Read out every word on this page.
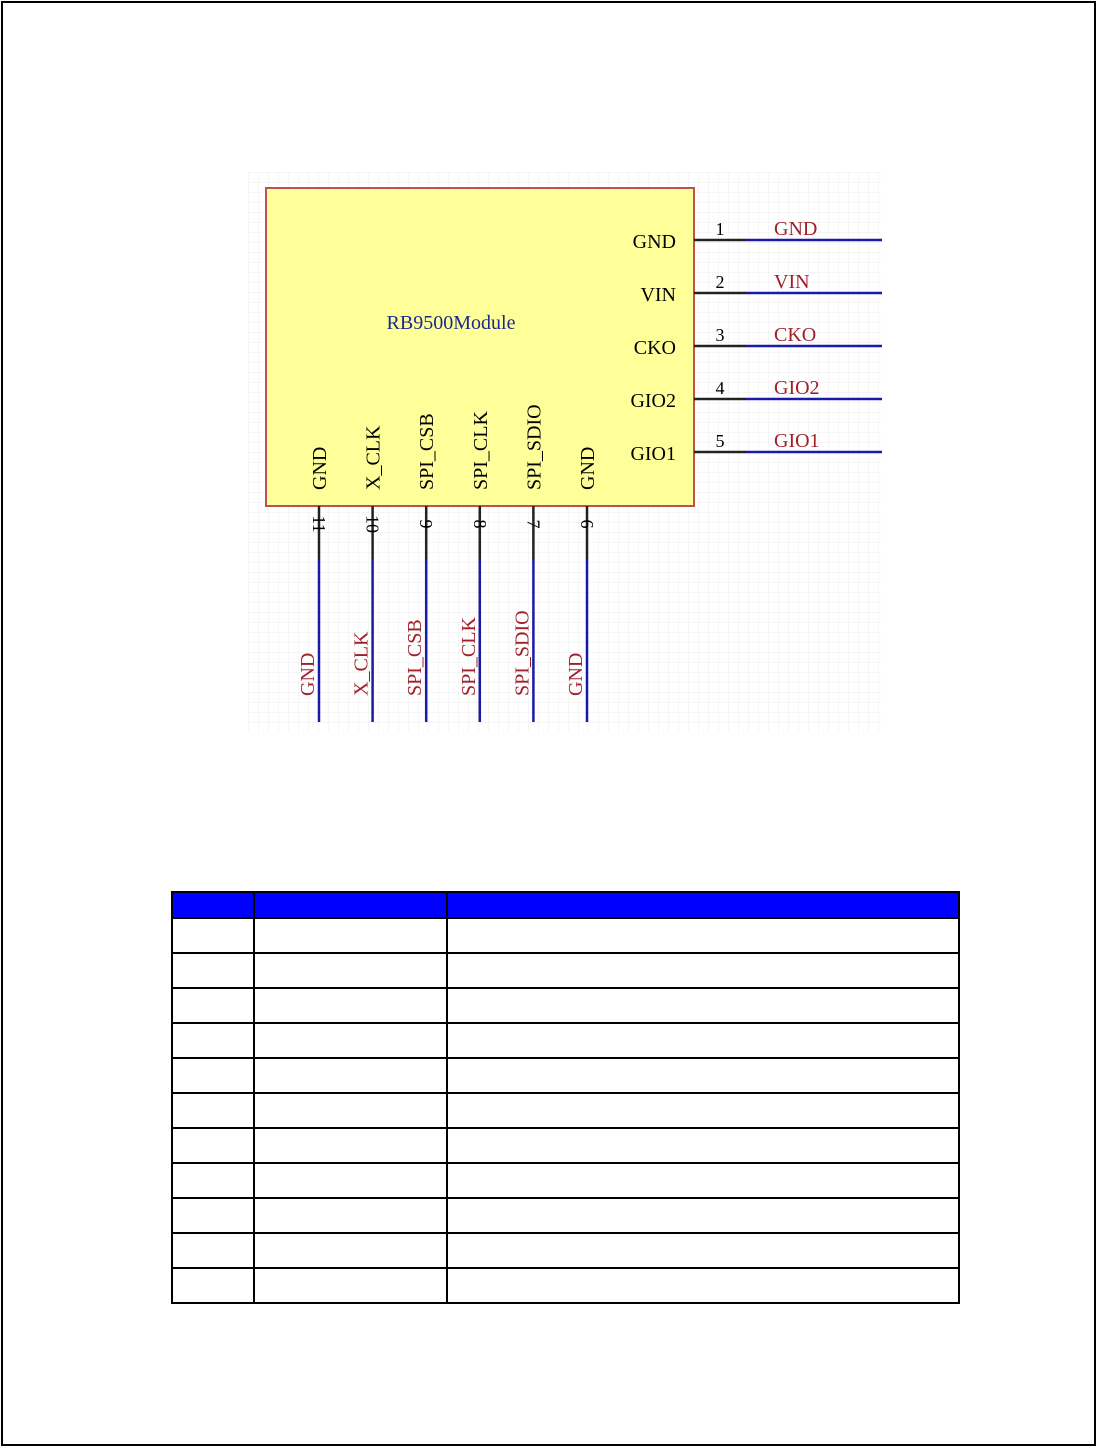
RB9500Module
GND
1 GND
VIN
2 VIN
CKO
3 CKO
GIO2
4 GIO2
GIO1
5 GIO1
GND
11
GND
X_CLK
10
X_CLK
SPI_CSB
9
SPI_CSB
SPI_CLK
8
SPI_CLK
SPI_SDIO
7
SPI_SDIO
GND
6
GND
